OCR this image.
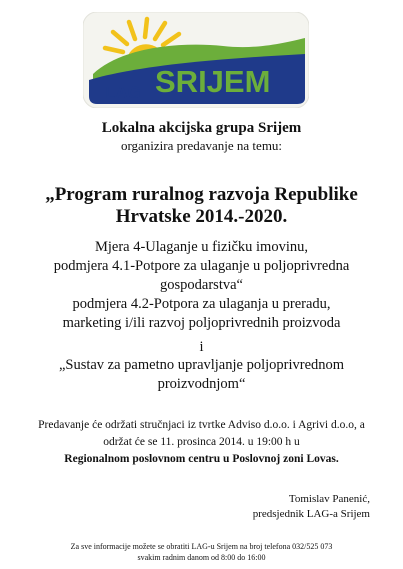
LAG SRIJEM
Lokalna akcijska grupa Srijem
organizira predavanje na temu:
„Program ruralnog razvoja Republike
Hrvatske 2014.-2020.
Mjera 4-Ulaganje u fizičku imovinu,
podmjera 4.1-Potpore za ulaganje u poljoprivredna
gospodarstva“
podmjera 4.2-Potpora za ulaganja u preradu,
marketing i/ili razvoj poljoprivrednih proizvoda
i
„Sustav za pametno upravljanje poljoprivrednom
proizvodnjom“
Predavanje će održati stručnjaci iz tvrtke Adviso d.o.o. i Agrivi d.o.o, a
održat će se 11. prosinca 2014. u 19:00 h u
Regionalnom poslovnom centru u Poslovnoj zoni Lovas.
Tomislav Panenić,
predsjednik LAG-a Srijem
Za sve informacije možete se obratiti LAG-u Srijem na broj telefona 032/525 073
svakim radnim danom od 8:00 do 16:00
